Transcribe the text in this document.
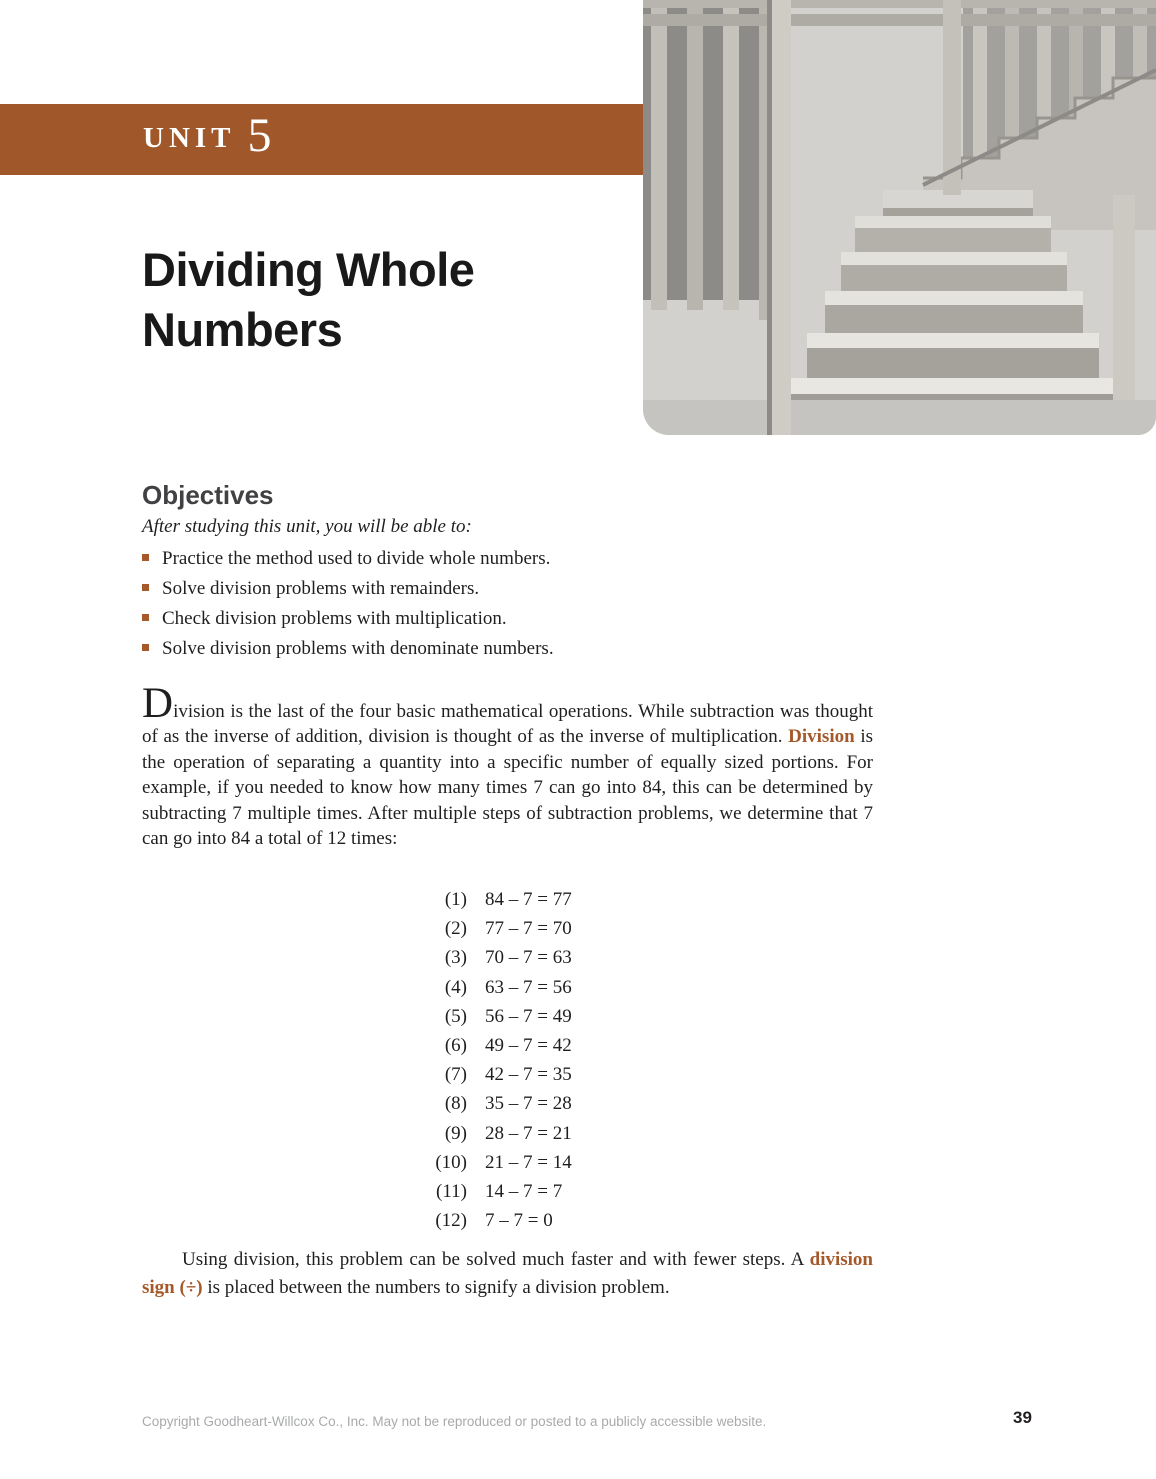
UNIT 5
Dividing Whole
Numbers
Objectives
After studying this unit, you will be able to:
Practice the method used to divide whole numbers.
Solve division problems with remainders.
Check division problems with multiplication.
Solve division problems with denominate numbers.
Division is the last of the four basic mathematical operations. While subtraction was thought of as the inverse of addition, division is thought of as the inverse of multiplication. Division is the operation of separating a quantity into a specific number of equally sized portions. For example, if you needed to know how many times 7 can go into 84, this can be determined by subtracting 7 multiple times. After multiple steps of subtraction problems, we determine that 7 can go into 84 a total of 12 times:
(1) 84 – 7 = 77
(2) 77 – 7 = 70
(3) 70 – 7 = 63
(4) 63 – 7 = 56
(5) 56 – 7 = 49
(6) 49 – 7 = 42
(7) 42 – 7 = 35
(8) 35 – 7 = 28
(9) 28 – 7 = 21
(10) 21 – 7 = 14
(11) 14 – 7 = 7
(12) 7 – 7 = 0
Using division, this problem can be solved much faster and with fewer steps. A division sign (÷) is placed between the numbers to signify a division problem.
Copyright Goodheart-Willcox Co., Inc. May not be reproduced or posted to a publicly accessible website.	39
